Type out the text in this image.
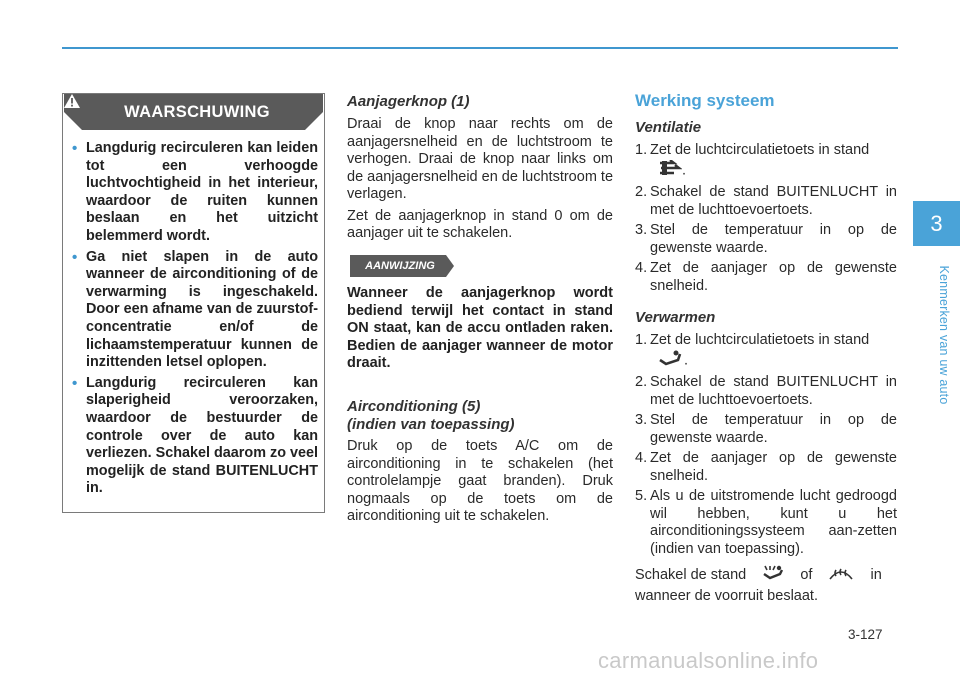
3
Kenmerken van uw auto
WAARSCHUWING
• Langdurig recirculeren kan leiden tot een verhoogde luchtvochtigheid in het interieur, waardoor de ruiten kunnen beslaan en het uitzicht belemmerd wordt.
• Ga niet slapen in de auto wanneer de airconditioning of de verwarming is ingeschakeld. Door een afname van de zuurstof-concentratie en/of de lichaamstemperatuur kunnen de inzittenden letsel oplopen.
• Langdurig recirculeren kan slaperigheid veroorzaken, waardoor de bestuurder de controle over de auto kan verliezen. Schakel daarom zo veel mogelijk de stand BUITENLUCHT in.
Aanjagerknop (1)

Draai de knop naar rechts om de aanjagersnelheid en de luchtstroom te verhogen. Draai de knop naar links om de aanjagersnelheid en de luchtstroom te verlagen.

Zet de aanjagerknop in stand 0 om de aanjager uit te schakelen.

AANWIJZING

Wanneer de aanjagerknop wordt bediend terwijl het contact in stand ON staat, kan de accu ontladen raken. Bedien de aanjager wanneer de motor draait.

Airconditioning (5)
(indien van toepassing)

Druk op de toets A/C om de airconditioning in te schakelen (het controlelampje gaat branden). Druk nogmaals op de toets om de airconditioning uit te schakelen.

Werking systeem
Ventilatie
1. Zet de luchtcirculatietoets in stand
.
2. Schakel de stand BUITENLUCHT in met de luchttoevoertoets.
3. Stel de temperatuur in op de gewenste waarde.
4. Zet de aanjager op de gewenste snelheid.
Verwarmen
1. Zet de luchtcirculatietoets in stand
.
2. Schakel de stand BUITENLUCHT in met de luchttoevoertoets.
3. Stel de temperatuur in op de gewenste waarde.
4. Zet de aanjager op de gewenste snelheid.
5. Als u de uitstromende lucht gedroogd wil hebben, kunt u het airconditioningssysteem aan-zetten (indien van toepassing).

Schakel de stand	of	in
wanneer de voorruit beslaat.

3-127
carmanualsonline.info
